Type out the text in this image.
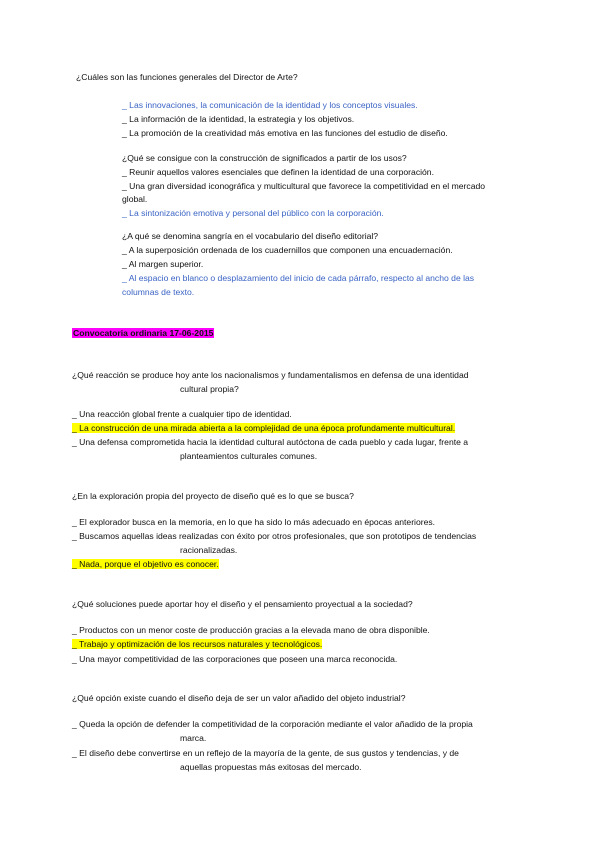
¿Cuáles son las funciones generales del Director de Arte?
_ Las innovaciones, la comunicación de la identidad y los conceptos visuales.
_ La información de la identidad, la estrategia y los objetivos.
_ La promoción de la creatividad más emotiva en las funciones del estudio de diseño.
¿Qué se consigue con la construcción de significados a partir de los usos?
_ Reunir aquellos valores esenciales que definen la identidad de una corporación.
_ Una gran diversidad iconográfica y multicultural que favorece la competitividad en el mercado
global.
_ La sintonización emotiva y personal del público con la corporación.
¿A qué se denomina sangría en el vocabulario del diseño editorial?
_ A la superposición ordenada de los cuadernillos que componen una encuadernación.
_ Al margen superior.
_ Al espacio en blanco o desplazamiento del inicio de cada párrafo, respecto al ancho de las
columnas de texto.
Convocatoria ordinaria 17-06-2015
¿Qué reacción se produce hoy ante los nacionalismos y fundamentalismos en defensa de una identidad
cultural propia?
_ Una reacción global frente a cualquier tipo de identidad.
_ La construcción de una mirada abierta a la complejidad de una época profundamente multicultural.
_ Una defensa comprometida hacia la identidad cultural autóctona de cada pueblo y cada lugar, frente a
planteamientos culturales comunes.
¿En la exploración propia del proyecto de diseño qué es lo que se busca?
_ El explorador busca en la memoria, en lo que ha sido lo más adecuado en épocas anteriores.
_ Buscamos aquellas ideas realizadas con éxito por otros profesionales, que son prototipos de tendencias
racionalizadas.
_ Nada, porque el objetivo es conocer.
¿Qué soluciones puede aportar hoy el diseño y el pensamiento proyectual a la sociedad?
_ Productos con un menor coste de producción gracias a la elevada mano de obra disponible.
_ Trabajo y optimización de los recursos naturales y tecnológicos.
_ Una mayor competitividad de las corporaciones que poseen una marca reconocida.
¿Qué opción existe cuando el diseño deja de ser un valor añadido del objeto industrial?
_ Queda la opción de defender la competitividad de la corporación mediante el valor añadido de la propia
marca.
_ El diseño debe convertirse en un reflejo de la mayoría de la gente, de sus gustos y tendencias, y de
aquellas propuestas más exitosas del mercado.
